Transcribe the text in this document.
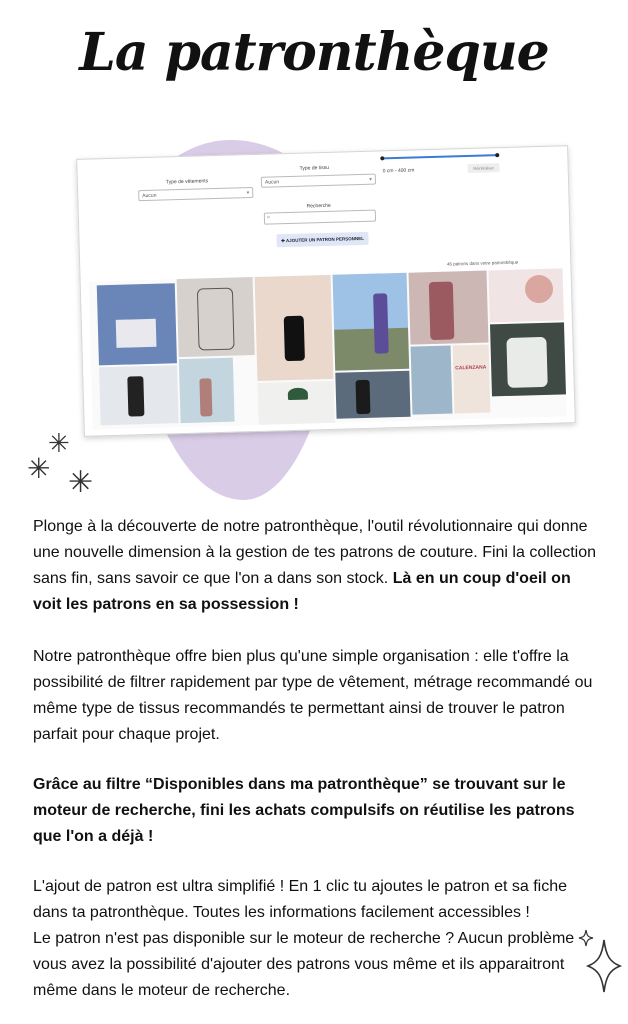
La patronthèque
Type de vêtements
Aucun	▾
Type de tissu
Aucun	▾
0 cm - 400 cm	Réinitialiser
Recherche
⌕
✚ AJOUTER UN PATRON PERSONNEL
46 patrons dans votre patronthèque
CALENZANA
✳
✳ ✳
Plonge à la découverte de notre patronthèque, l'outil révolutionnaire qui donne une nouvelle dimension à la gestion de tes patrons de couture. Fini la collection sans fin, sans savoir ce que l'on a dans son stock. Là en un coup d'oeil on voit les patrons en sa possession !
Notre patronthèque offre bien plus qu'une simple organisation : elle t'offre la possibilité de filtrer rapidement par type de vêtement, métrage recommandé ou même type de tissus recommandés te permettant ainsi de trouver le patron parfait pour chaque projet.
Grâce au filtre “Disponibles dans ma patronthèque” se trouvant sur le moteur de recherche, fini les achats compulsifs on réutilise les patrons que l'on a déjà !
L'ajout de patron est ultra simplifié ! En 1 clic tu ajoutes le patron et sa fiche dans ta patronthèque. Toutes les informations facilement accessibles !
Le patron n'est pas disponible sur le moteur de recherche ? Aucun problème vous avez la possibilité d'ajouter des patrons vous même et ils apparaitront même dans le moteur de recherche.
